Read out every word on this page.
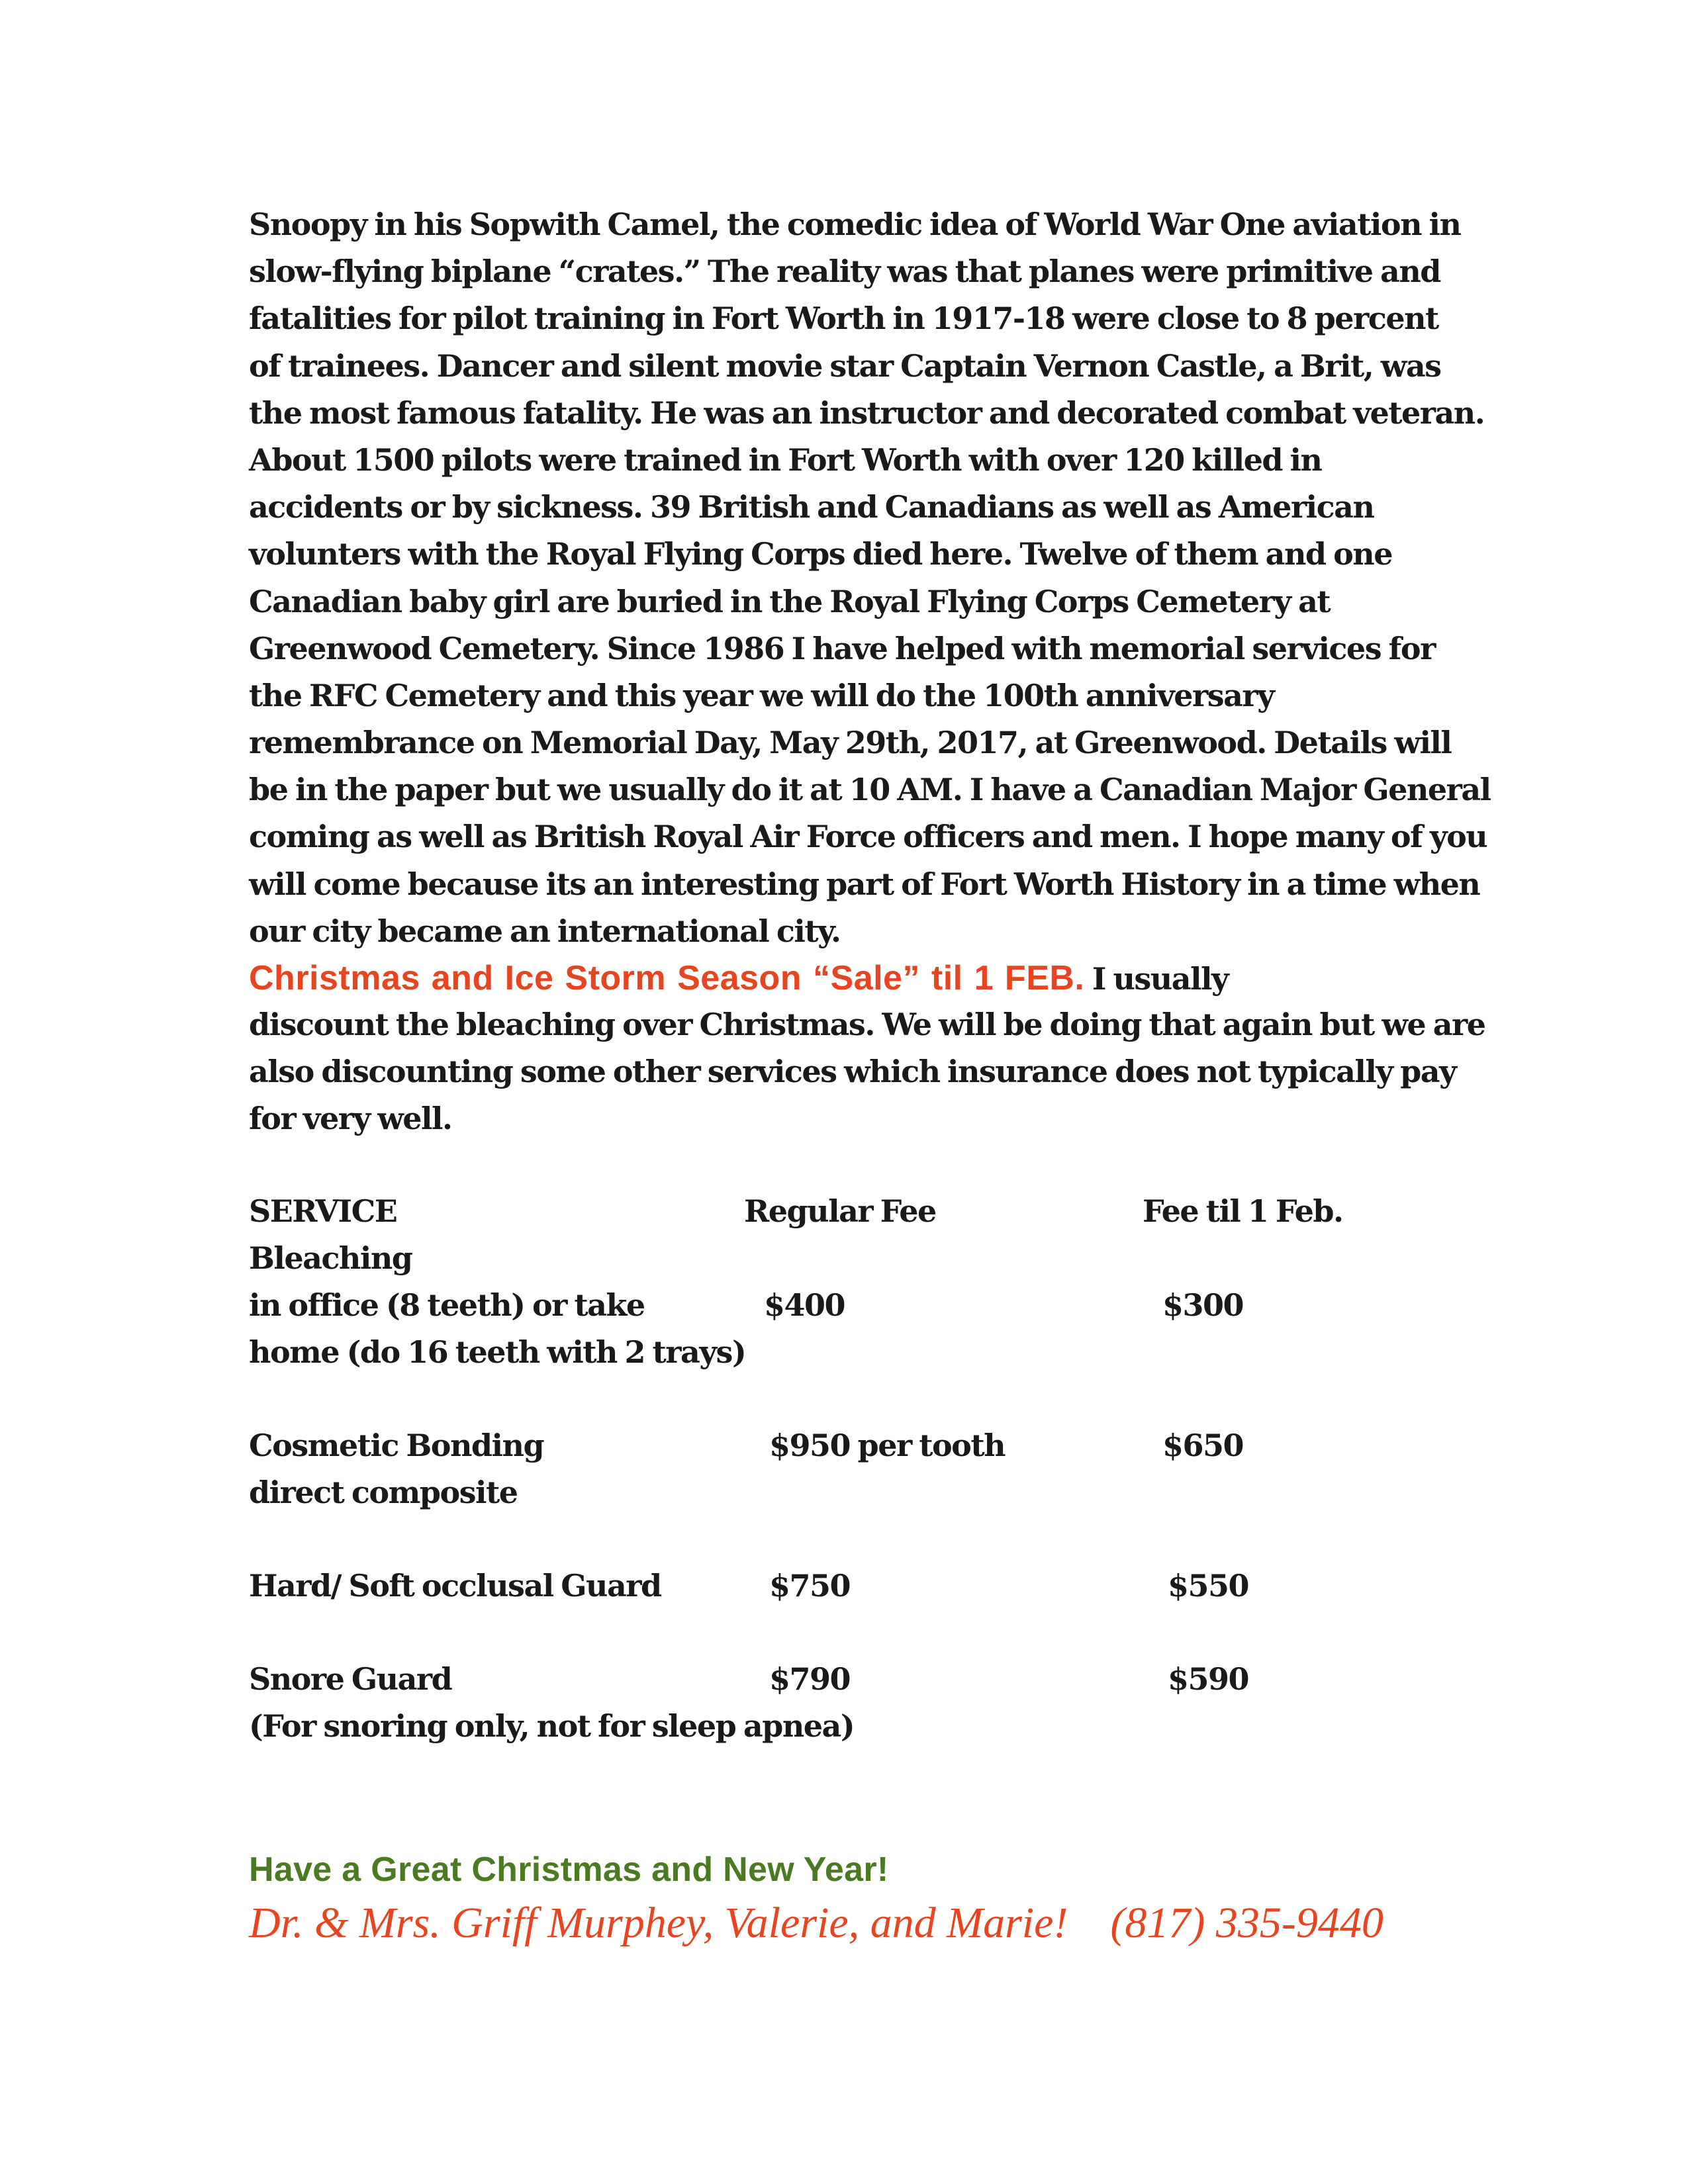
Snoopy in his Sopwith Camel, the comedic idea of World War One aviation in
slow-flying biplane “crates.” The reality was that planes were primitive and
fatalities for pilot training in Fort Worth in 1917-18 were close to 8 percent
of trainees. Dancer and silent movie star Captain Vernon Castle, a Brit, was
the most famous fatality. He was an instructor and decorated combat veteran.
About 1500 pilots were trained in Fort Worth with over 120 killed in
accidents or by sickness. 39 British and Canadians as well as American
volunters with the Royal Flying Corps died here. Twelve of them and one
Canadian baby girl are buried in the Royal Flying Corps Cemetery at
Greenwood Cemetery. Since 1986 I have helped with memorial services for
the RFC Cemetery and this year we will do the 100th anniversary
remembrance on Memorial Day, May 29th, 2017, at Greenwood. Details will
be in the paper but we usually do it at 10 AM. I have a Canadian Major General
coming as well as British Royal Air Force officers and men. I hope many of you
will come because its an interesting part of Fort Worth History in a time when
our city became an international city.
Christmas and Ice Storm Season “Sale” til 1 FEB. I usually
discount the bleaching over Christmas. We will be doing that again but we are
also discounting some other services which insurance does not typically pay
for very well.
SERVICE	Regular Fee	Fee til 1 Feb.
Bleaching
in office (8 teeth) or take	$400	$300
home (do 16 teeth with 2 trays)
Cosmetic Bonding	$950 per tooth	$650
direct composite
Hard/ Soft occlusal Guard	$750	$550
Snore Guard	$790	$590
(For snoring only, not for sleep apnea)
Have a Great Christmas and New Year!
Dr. & Mrs. Griff Murphey, Valerie, and Marie! (817) 335-9440
